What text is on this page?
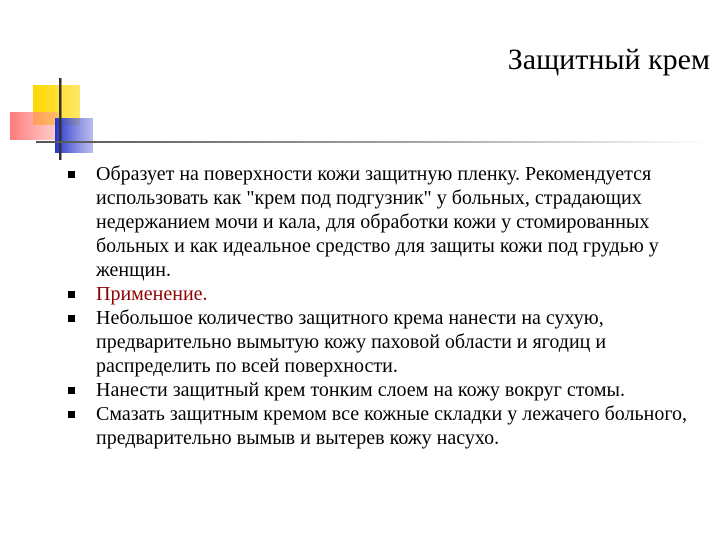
Защитный крем
Образует на поверхности кожи защитную пленку. Рекомендуется использовать как "крем под подгузник" у больных, страдающих недержанием мочи и кала, для обработки кожи у стомированных больных и как идеальное средство для защиты кожи под грудью у женщин.
Применение.
Небольшое количество защитного крема нанести на сухую, предварительно вымытую кожу паховой области и ягодиц и распределить по всей поверхности.
Нанести защитный крем тонким слоем на кожу вокруг стомы.
Смазать защитным кремом все кожные складки у лежачего больного, предварительно вымыв и вытерев кожу насухо.
